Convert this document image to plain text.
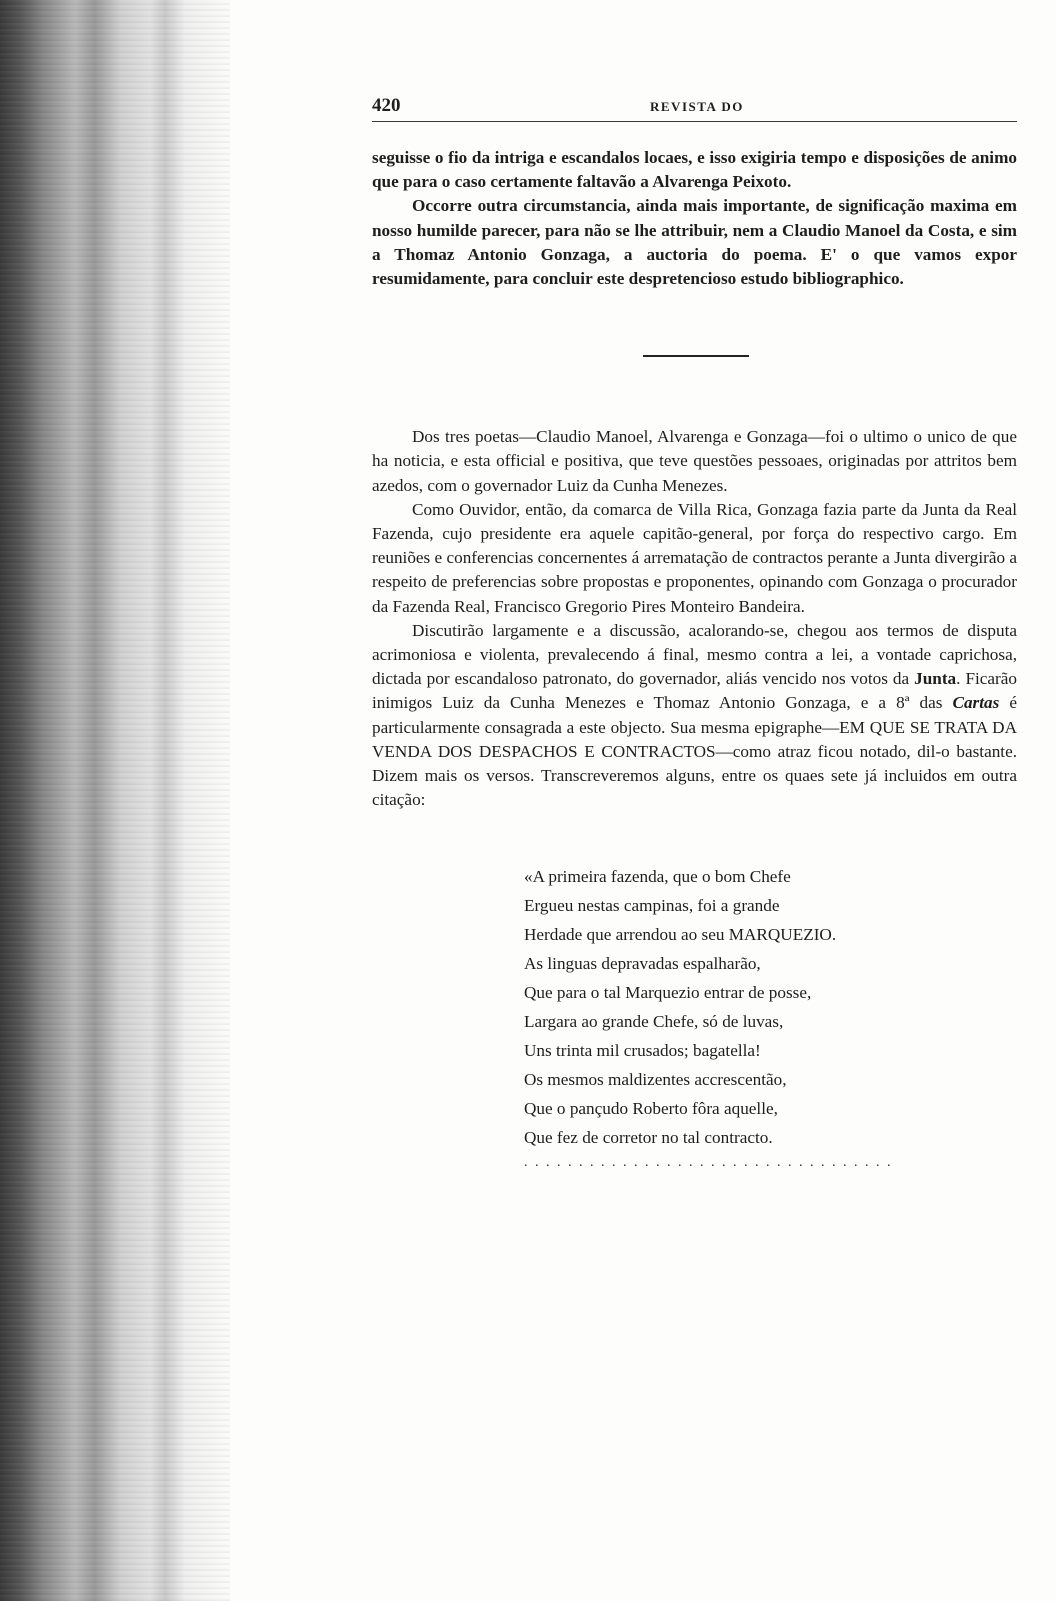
420	REVISTA DO

seguisse o fio da intriga e escandalos locaes, e isso exigiria tempo e disposições de animo que para o caso certamente faltavão a Alvarenga Peixoto.

Occorre outra circumstancia, ainda mais importante, de significação maxima em nosso humilde parecer, para não se lhe attribuir, nem a Claudio Manoel da Costa, e sim a Thomaz Antonio Gonzaga, a auctoria do poema. E' o que vamos expor resumidamente, para concluir este despretencioso estudo bibliographico.

Dos tres poetas—Claudio Manoel, Alvarenga e Gonzaga—foi o ultimo o unico de que ha noticia, e esta official e positiva, que teve questões pessoaes, originadas por attritos bem azedos, com o governador Luiz da Cunha Menezes.

Como Ouvidor, então, da comarca de Villa Rica, Gonzaga fazia parte da Junta da Real Fazenda, cujo presidente era aquele capitão-general, por força do respectivo cargo. Em reuniões e conferencias concernentes á arrematação de contractos perante a Junta divergirão a respeito de preferencias sobre propostas e proponentes, opinando com Gonzaga o procurador da Fazenda Real, Francisco Gregorio Pires Monteiro Bandeira.

Discutirão largamente e a discussão, acalorando-se, chegou aos termos de disputa acrimoniosa e violenta, prevalecendo á final, mesmo contra a lei, a vontade caprichosa, dictada por escandaloso patronato, do governador, aliás vencido nos votos da Junta. Ficarão inimigos Luiz da Cunha Menezes e Thomaz Antonio Gonzaga, e a 8ª das Cartas é particularmente consagrada a este objecto. Sua mesma epigraphe—EM QUE SE TRATA DA VENDA DOS DESPACHOS E CONTRACTOS—como atraz ficou notado, dil-o bastante. Dizem mais os versos. Transcreveremos alguns, entre os quaes sete já incluidos em outra citação:

«A primeira fazenda, que o bom Chefe
Ergueu nestas campinas, foi a grande
Herdade que arrendou ao seu MARQUEZIO.
As linguas depravadas espalharão,
Que para o tal Marquezio entrar de posse,
Largara ao grande Chefe, só de luvas,
Uns trinta mil crusados; bagatella!
Os mesmos maldizentes accrescentão,
Que o pançudo Roberto fôra aquelle,
Que fez de corretor no tal contracto.
. . . . . . . . . . . . . . . . . . . . . . . . . . . . . . . . . .
